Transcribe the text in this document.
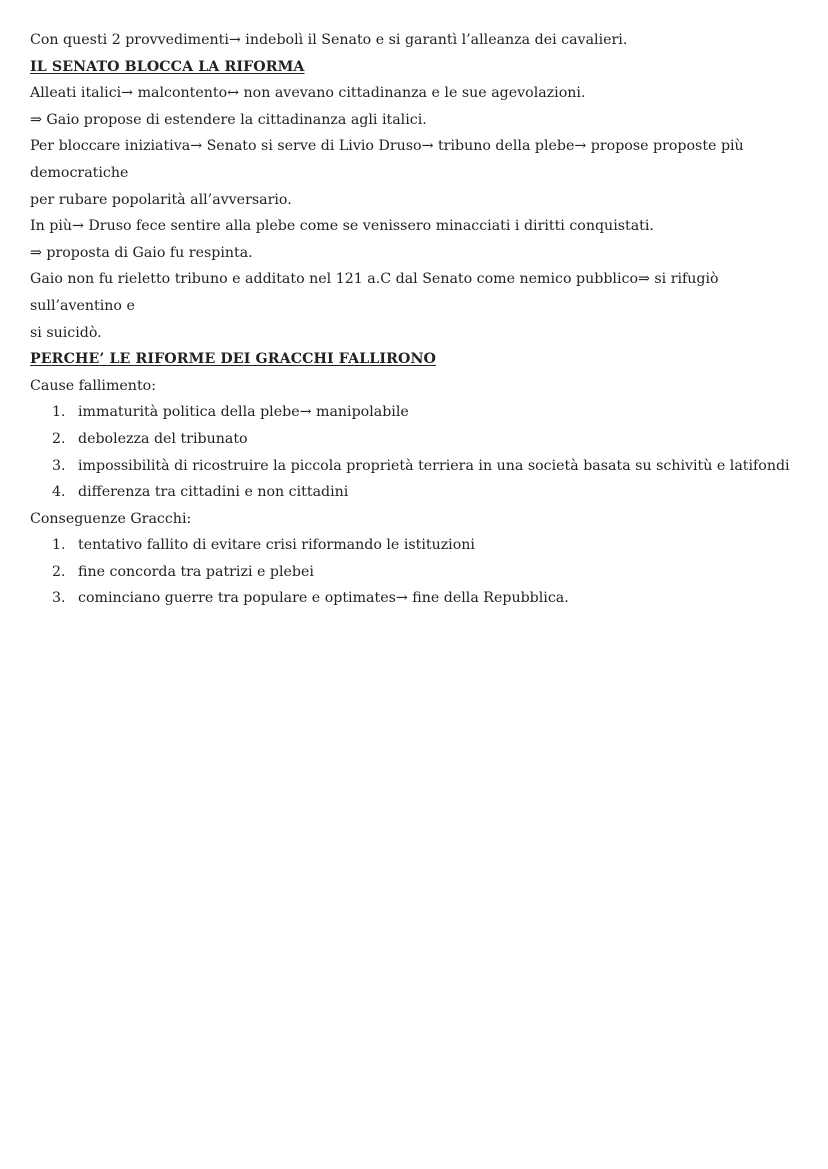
Con questi 2 provvedimenti→ indebolì il Senato e si garantì l’alleanza dei cavalieri.

IL SENATO BLOCCA LA RIFORMA

Alleati italici→ malcontento↔ non avevano cittadinanza e le sue agevolazioni.

⇒ Gaio propose di estendere la cittadinanza agli italici.

Per bloccare iniziativa→ Senato si serve di Livio Druso→ tribuno della plebe→ propose proposte più democratiche

per rubare popolarità all’avversario.

In più→ Druso fece sentire alla plebe come se venissero minacciati i diritti conquistati.

⇒ proposta di Gaio fu respinta.

Gaio non fu rieletto tribuno e additato nel 121 a.C dal Senato come nemico pubblico⇒ si rifugiò sull’aventino e

si suicidò.

PERCHE’ LE RIFORME DEI GRACCHI FALLIRONO

Cause fallimento:

1. immaturità politica della plebe→ manipolabile
2. debolezza del tribunato
3. impossibilità di ricostruire la piccola proprietà terriera in una società basata su schivitù e latifondi
4. differenza tra cittadini e non cittadini

Conseguenze Gracchi:

1. tentativo fallito di evitare crisi riformando le istituzioni
2. fine concorda tra patrizi e plebei
3. cominciano guerre tra populare e optimates→ fine della Repubblica.
